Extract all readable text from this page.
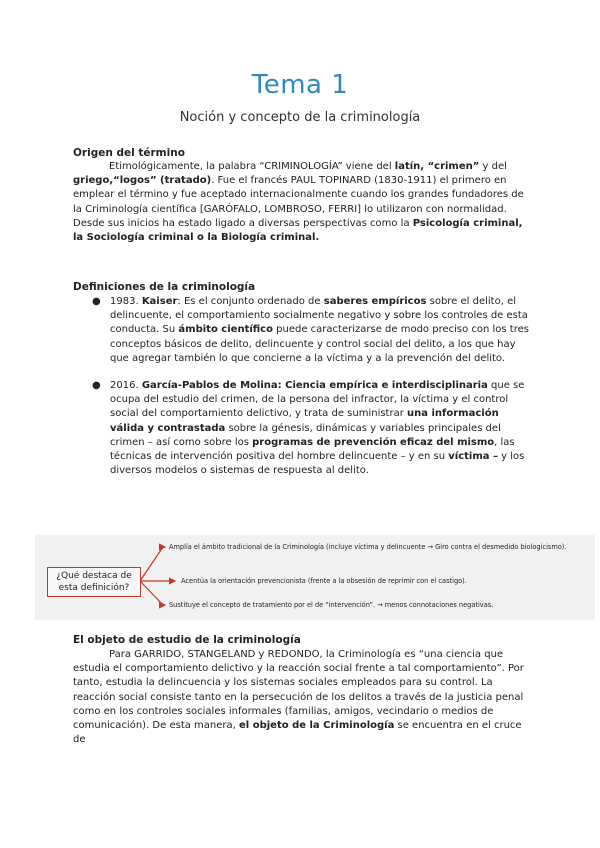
Tema 1
Noción y concepto de la criminología
Origen del término
Etimológicamente, la palabra “CRIMINOLOGÍA” viene del latín, “crimen” y del griego,“logos” (tratado). Fue el francés PAUL TOPINARD (1830-1911) el primero en emplear el término y fue aceptado internacionalmente cuando los grandes fundadores de la Criminología científica [GARÓFALO, LOMBROSO, FERRI] lo utilizaron con normalidad. Desde sus inicios ha estado ligado a diversas perspectivas como la Psicología criminal, la Sociología criminal o la Biología criminal.
Definiciones de la criminología
● 1983. Kaiser: Es el conjunto ordenado de saberes empíricos sobre el delito, el delincuente, el comportamiento socialmente negativo y sobre los controles de esta conducta. Su ámbito científico puede caracterizarse de modo preciso con los tres conceptos básicos de delito, delincuente y control social del delito, a los que hay que agregar también lo que concierne a la víctima y a la prevención del delito.
● 2016. García-Pablos de Molina: Ciencia empírica e interdisciplinaria que se ocupa del estudio del crimen, de la persona del infractor, la víctima y el control social del comportamiento delictivo, y trata de suministrar una información válida y contrastada sobre la génesis, dinámicas y variables principales del crimen – así como sobre los programas de prevención eficaz del mismo, las técnicas de intervención positiva del hombre delincuente – y en su víctima – y los diversos modelos o sistemas de respuesta al delito.
¿Qué destaca de esta definición?
Amplía el ámbito tradicional de la Criminología (incluye víctima y delincuente → Giro contra el desmedido biologicismo).
Acentúa la orientación prevencionista (frente a la obsesión de reprimir con el castigo).
Sustituye el concepto de tratamiento por el de “intervención”. → menos connotaciones negativas.
El objeto de estudio de la criminología
Para GARRIDO, STANGELAND y REDONDO, la Criminología es “una ciencia que estudia el comportamiento delictivo y la reacción social frente a tal comportamiento”. Por tanto, estudia la delincuencia y los sistemas sociales empleados para su control. La reacción social consiste tanto en la persecución de los delitos a través de la justicia penal como en los controles sociales informales (familias, amigos, vecindario o medios de comunicación). De esta manera, el objeto de la Criminología se encuentra en el cruce de
